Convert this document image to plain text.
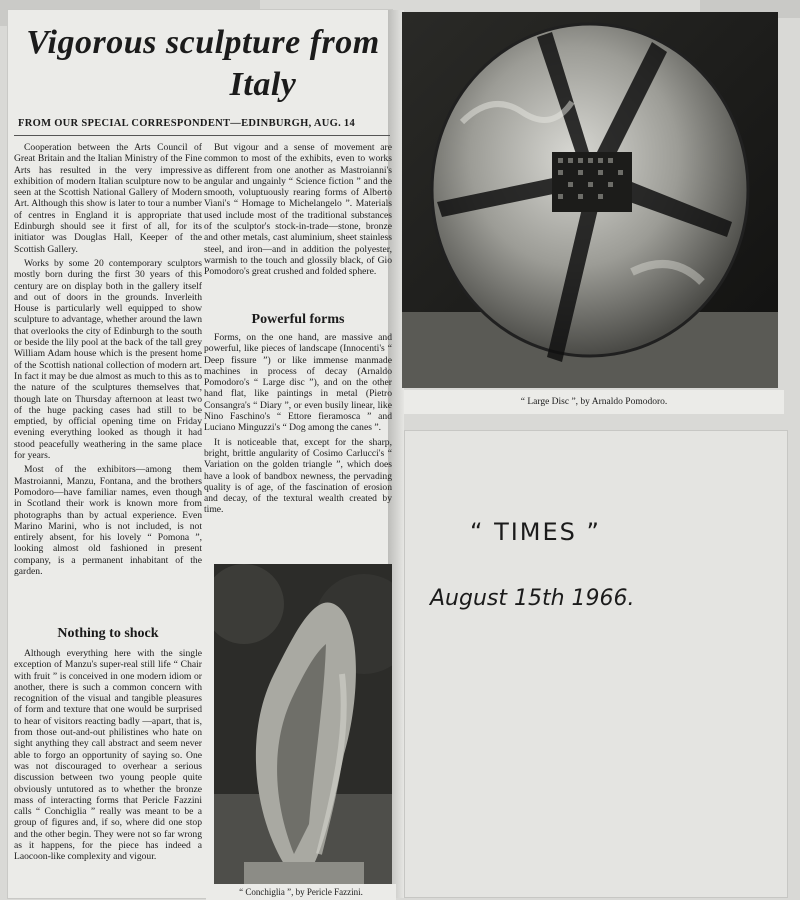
Vigorous sculpture from
Italy
FROM OUR SPECIAL CORRESPONDENT—EDINBURGH, AUG. 14

Cooperation between the Arts Council of Great Britain and the Italian Ministry of the Fine Arts has resulted in the very impressive exhibition of modern Italian sculpture now to be seen at the Scottish National Gallery of Modern Art. Although this show is later to tour a number of centres in England it is appropriate that Edinburgh should see it first of all, for its initiator was Douglas Hall, Keeper of the Scottish Gallery.

Works by some 20 contemporary sculptors mostly born during the first 30 years of this century are on display both in the gallery itself and out of doors in the grounds. Inverleith House is particularly well equipped to show sculpture to advantage, whether around the lawn that overlooks the city of Edinburgh to the south or beside the lily pool at the back of the tall grey William Adam house which is the present home of the Scottish national collection of modern art. In fact it may be due almost as much to this as to the nature of the sculptures themselves that, though late on Thursday afternoon at least two of the huge packing cases had still to be emptied, by official opening time on Friday evening everything looked as though it had stood peacefully weathering in the same place for years.

Most of the exhibitors—among them Mastroianni, Manzu, Fontana, and the brothers Pomodoro—have familiar names, even though in Scotland their work is known more from photographs than by actual experience. Even Marino Marini, who is not included, is not entirely absent, for his lovely “ Pomona ”, looking almost old fashioned in present company, is a permanent inhabitant of the garden.

Nothing to shock

Although everything here with the single exception of Manzu's super-real still life “ Chair with fruit ” is conceived in one modern idiom or another, there is such a common concern with recognition of the visual and tangible pleasures of form and texture that one would be surprised to hear of visitors reacting badly —apart, that is, from those out-and-out philistines who hate on sight anything they call abstract and seem never able to forgo an opportunity of saying so. One was not discouraged to overhear a serious discussion between two young people quite obviously untutored as to whether the bronze mass of interacting forms that Pericle Fazzini calls “ Conchiglia ” really was meant to be a group of figures and, if so, where did one stop and the other begin. They were not so far wrong as it happens, for the piece has indeed a Laocoon-like complexity and vigour.

But vigour and a sense of movement are common to most of the exhibits, even to works as different from one another as Mastroianni's angular and ungainly “ Science fiction ” and the smooth, voluptuously rearing forms of Alberto Viani's “ Homage to Michelangelo ”. Materials used include most of the traditional substances of the sculptor's stock-in-trade—stone, bronze and other metals, cast aluminium, sheet stainless steel, and iron—and in addition the polyester, warmish to the touch and glossily black, of Gio Pomodoro's great crushed and folded sphere.

Powerful forms

Forms, on the one hand, are massive and powerful, like pieces of landscape (Innocenti's “ Deep fissure ”) or like immense manmade machines in process of decay (Arnaldo Pomodoro's “ Large disc ”), and on the other hand flat, like paintings in metal (Pietro Consangra's “ Diary ”, or even busily linear, like Nino Faschino's “ Ettore fieramosca ” and Luciano Minguzzi's “ Dog among the canes ”.

It is noticeable that, except for the sharp, bright, brittle angularity of Cosimo Carlucci's “ Variation on the golden triangle ”, which does have a look of bandbox newness, the pervading quality is of age, of the fascination of erosion and decay, of the textural wealth created by time.

“ Large Disc ”, by Arnaldo Pomodoro.
“ Conchiglia ”, by Pericle Fazzini.
“ TIMES ”
August 15th 1966.
